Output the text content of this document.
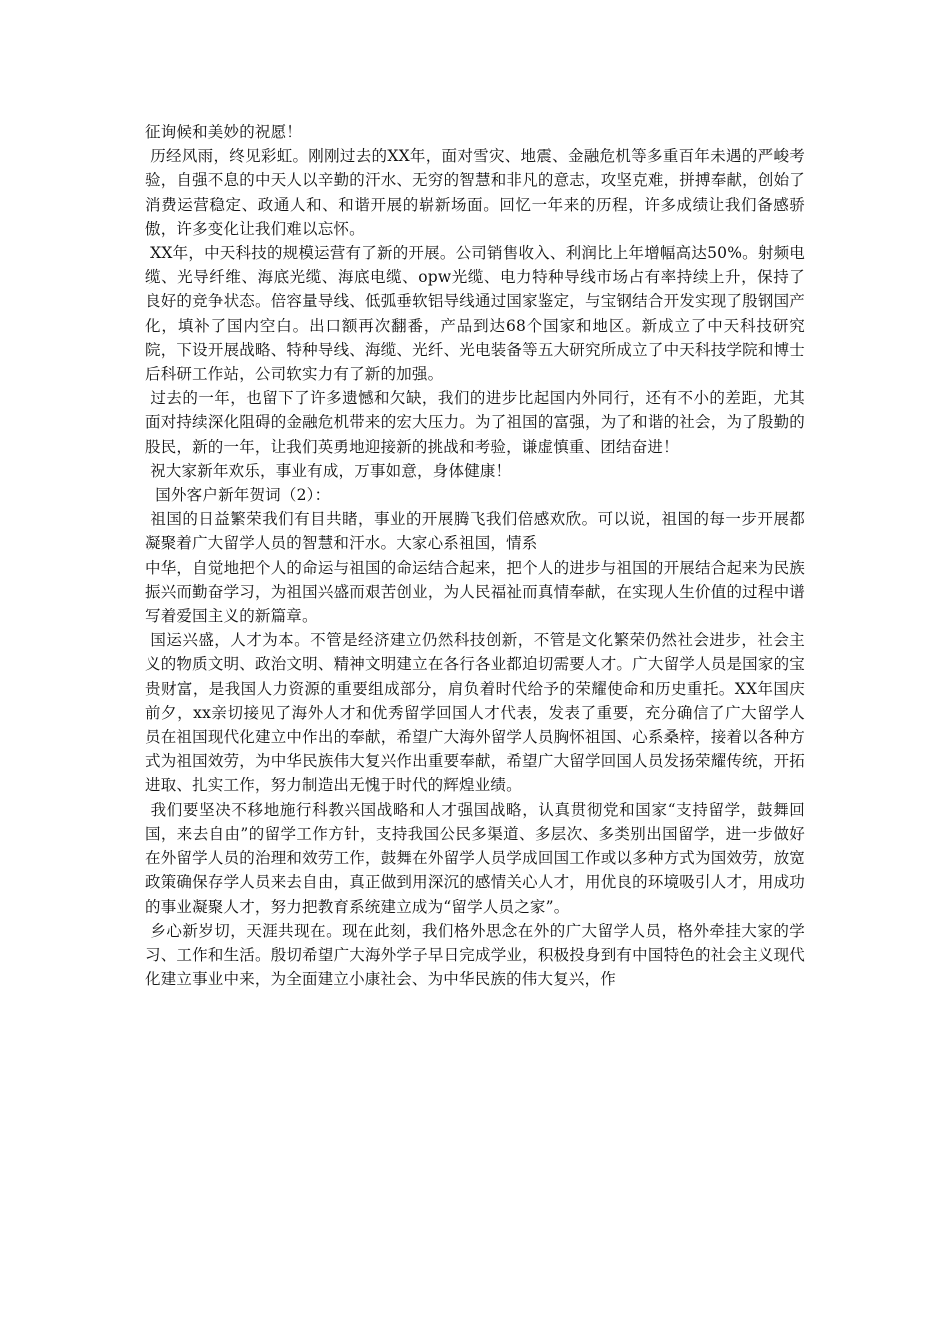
征询候和美妙的祝愿！

历经风雨，终见彩虹。刚刚过去的XX年，面对雪灾、地震、金融危机等多重百年未遇的严峻考验，自强不息的中天人以辛勤的汗水、无穷的智慧和非凡的意志，攻坚克难，拼搏奉献，创始了消费运营稳定、政通人和、和谐开展的崭新场面。回忆一年来的历程，许多成绩让我们备感骄傲，许多变化让我们难以忘怀。

XX年，中天科技的规模运营有了新的开展。公司销售收入、利润比上年增幅高达50%。射频电缆、光导纤维、海底光缆、海底电缆、opw光缆、电力特种导线市场占有率持续上升，保持了良好的竞争状态。倍容量导线、低弧垂软铝导线通过国家鉴定，与宝钢结合开发实现了殷钢国产化，填补了国内空白。出口额再次翻番，产品到达68个国家和地区。新成立了中天科技研究院，下设开展战略、特种导线、海缆、光纤、光电装备等五大研究所成立了中天科技学院和博士后科研工作站，公司软实力有了新的加强。

过去的一年，也留下了许多遗憾和欠缺，我们的进步比起国内外同行，还有不小的差距，尤其面对持续深化阻碍的金融危机带来的宏大压力。为了祖国的富强，为了和谐的社会，为了殷勤的股民，新的一年，让我们英勇地迎接新的挑战和考验，谦虚慎重、团结奋进！

祝大家新年欢乐，事业有成，万事如意，身体健康！

国外客户新年贺词（2）：

祖国的日益繁荣我们有目共睹，事业的开展腾飞我们倍感欢欣。可以说，祖国的每一步开展都凝聚着广大留学人员的智慧和汗水。大家心系祖国，情系

中华，自觉地把个人的命运与祖国的命运结合起来，把个人的进步与祖国的开展结合起来为民族振兴而勤奋学习，为祖国兴盛而艰苦创业，为人民福祉而真情奉献，在实现人生价值的过程中谱写着爱国主义的新篇章。

国运兴盛，人才为本。不管是经济建立仍然科技创新，不管是文化繁荣仍然社会进步，社会主义的物质文明、政治文明、精神文明建立在各行各业都迫切需要人才。广大留学人员是国家的宝贵财富，是我国人力资源的重要组成部分，肩负着时代给予的荣耀使命和历史重托。XX年国庆前夕，xx亲切接见了海外人才和优秀留学回国人才代表，发表了重要，充分确信了广大留学人员在祖国现代化建立中作出的奉献，希望广大海外留学人员胸怀祖国、心系桑梓，接着以各种方式为祖国效劳，为中华民族伟大复兴作出重要奉献，希望广大留学回国人员发扬荣耀传统，开拓进取、扎实工作，努力制造出无愧于时代的辉煌业绩。

我们要坚决不移地施行科教兴国战略和人才强国战略，认真贯彻党和国家“支持留学，鼓舞回国，来去自由”的留学工作方针，支持我国公民多渠道、多层次、多类别出国留学，进一步做好在外留学人员的治理和效劳工作，鼓舞在外留学人员学成回国工作或以多种方式为国效劳，放宽政策确保存学人员来去自由，真正做到用深沉的感情关心人才，用优良的环境吸引人才，用成功的事业凝聚人才，努力把教育系统建立成为“留学人员之家”。

乡心新岁切，天涯共现在。现在此刻，我们格外思念在外的广大留学人员，格外牵挂大家的学习、工作和生活。殷切希望广大海外学子早日完成学业，积极投身到有中国特色的社会主义现代化建立事业中来，为全面建立小康社会、为中华民族的伟大复兴，作
